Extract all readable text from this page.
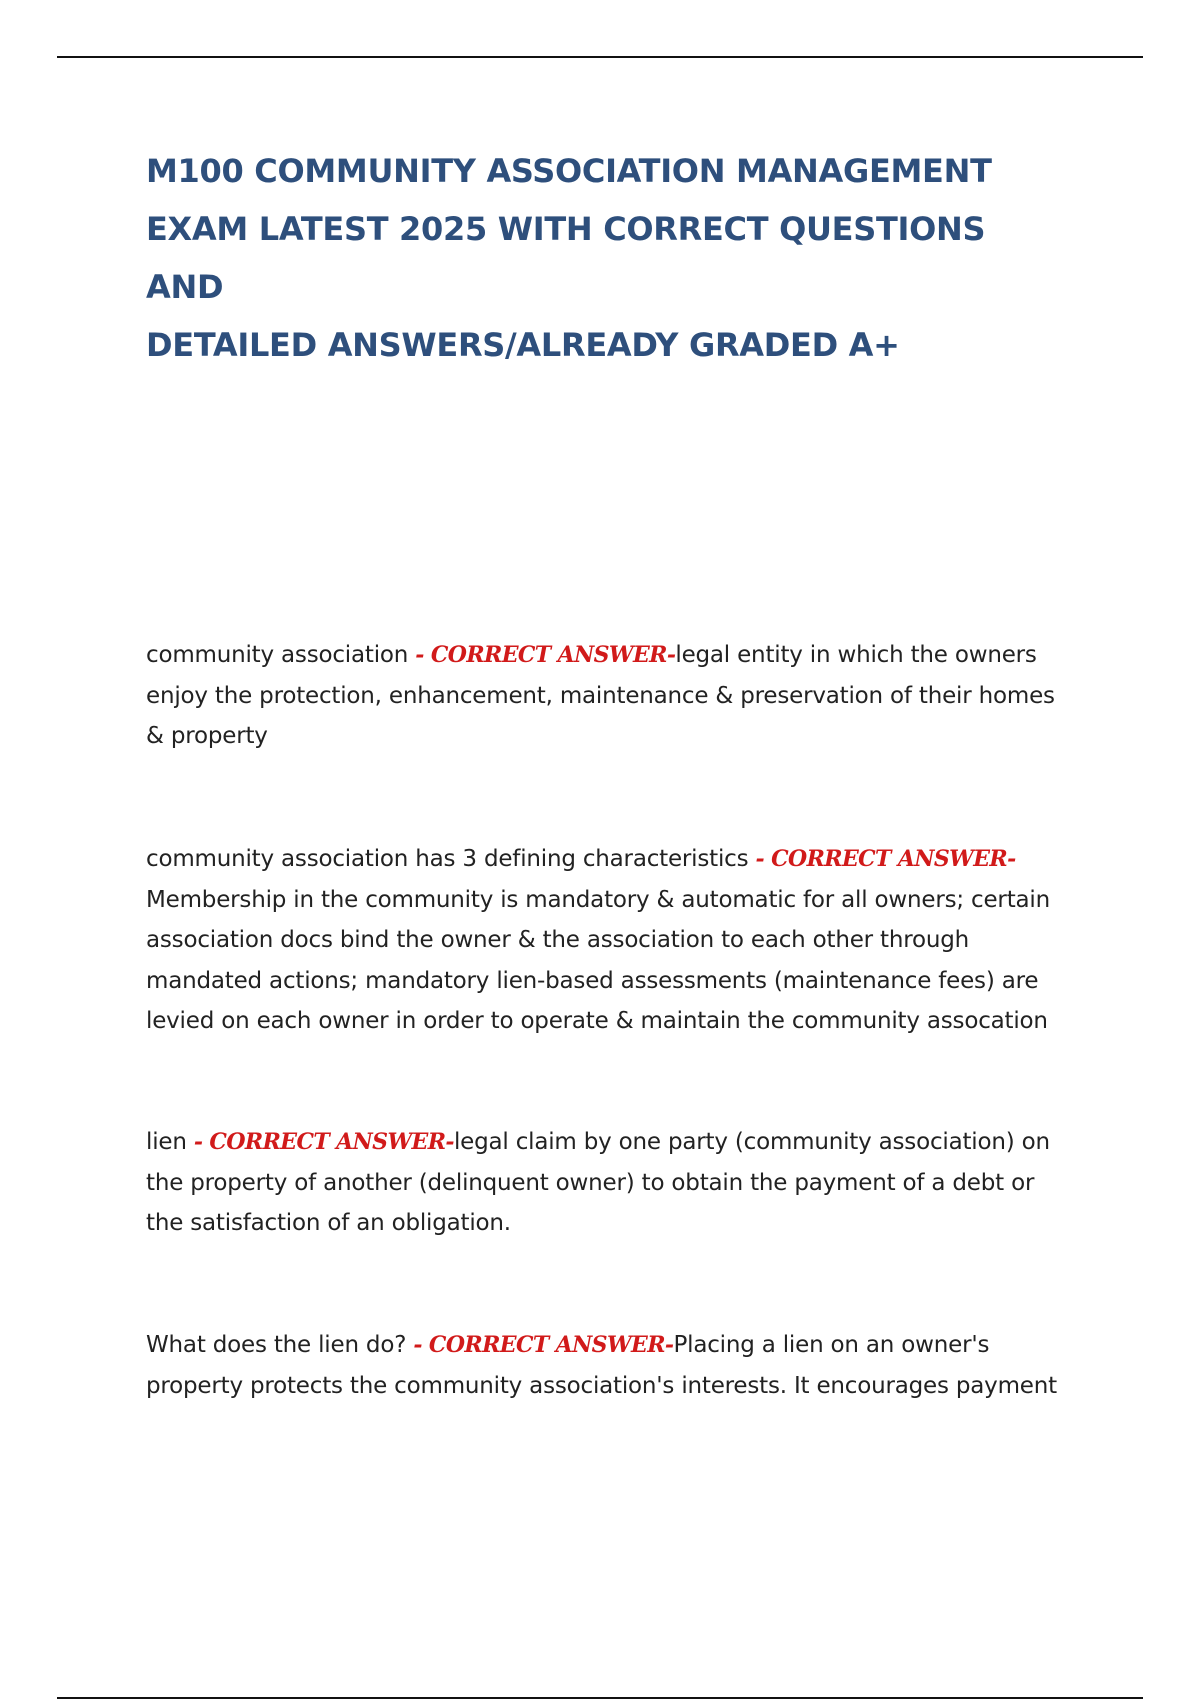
M100 COMMUNITY ASSOCIATION MANAGEMENT
EXAM LATEST 2025 WITH CORRECT QUESTIONS AND
DETAILED ANSWERS/ALREADY GRADED A+
community association - CORRECT ANSWER-legal entity in which the owners
enjoy the protection, enhancement, maintenance & preservation of their homes
& property
community association has 3 defining characteristics - CORRECT ANSWER-
Membership in the community is mandatory & automatic for all owners; certain
association docs bind the owner & the association to each other through
mandated actions; mandatory lien-based assessments (maintenance fees) are
levied on each owner in order to operate & maintain the community assocation
lien - CORRECT ANSWER-legal claim by one party (community association) on
the property of another (delinquent owner) to obtain the payment of a debt or
the satisfaction of an obligation.
What does the lien do? - CORRECT ANSWER-Placing a lien on an owner's
property protects the community association's interests. It encourages payment
